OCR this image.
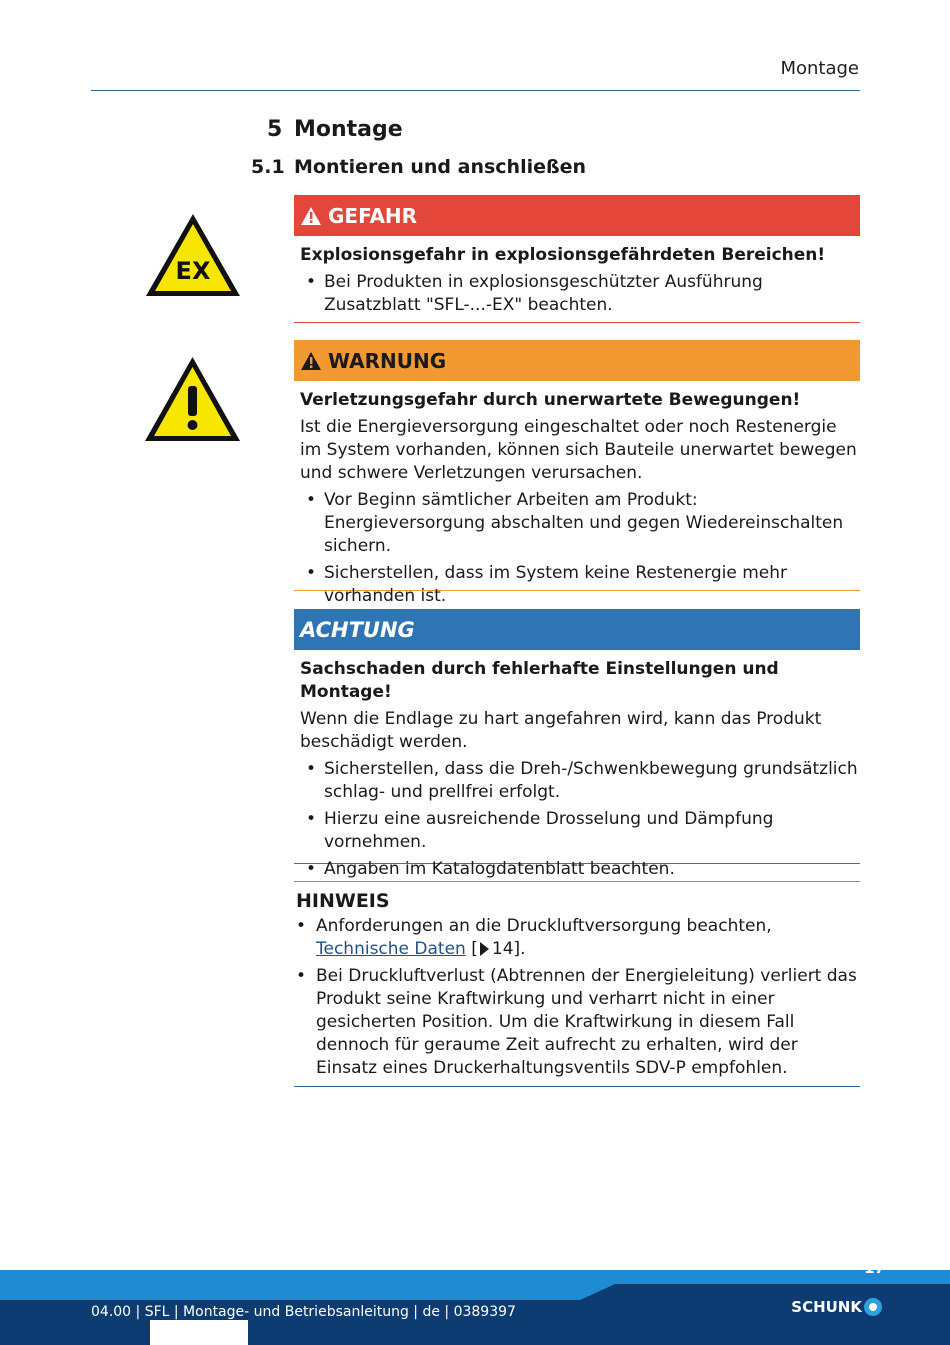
Montage
5 Montage
5.1 Montieren und anschließen
EX
GEFAHR
Explosionsgefahr in explosionsgefährdeten Bereichen!
• Bei Produkten in explosionsgeschützter Ausführung Zusatzblatt "SFL-...-EX" beachten.
WARNUNG
Verletzungsgefahr durch unerwartete Bewegungen!

Ist die Energieversorgung eingeschaltet oder noch Restenergie im System vorhanden, können sich Bauteile unerwartet bewegen und schwere Verletzungen verursachen.

• Vor Beginn sämtlicher Arbeiten am Produkt: Energieversorgung abschalten und gegen Wiedereinschalten sichern.
• Sicherstellen, dass im System keine Restenergie mehr vorhanden ist.
ACHTUNG
Sachschaden durch fehlerhafte Einstellungen und Montage!

Wenn die Endlage zu hart angefahren wird, kann das Produkt beschädigt werden.

• Sicherstellen, dass die Dreh-/Schwenkbewegung grundsätzlich schlag- und prellfrei erfolgt.
• Hierzu eine ausreichende Drosselung und Dämpfung vornehmen.
• Angaben im Katalogdatenblatt beachten.
HINWEIS
• Anforderungen an die Druckluftversorgung beachten, Technische Daten [ 14].
• Bei Druckluftverlust (Abtrennen der Energieleitung) verliert das Produkt seine Kraftwirkung und verharrt nicht in einer gesicherten Position. Um die Kraftwirkung in diesem Fall dennoch für geraume Zeit aufrecht zu erhalten, wird der Einsatz eines Druckerhaltungsventils SDV-P empfohlen.
17
04.00 | SFL | Montage- und Betriebsanleitung | de | 0389397	SCHUNK
